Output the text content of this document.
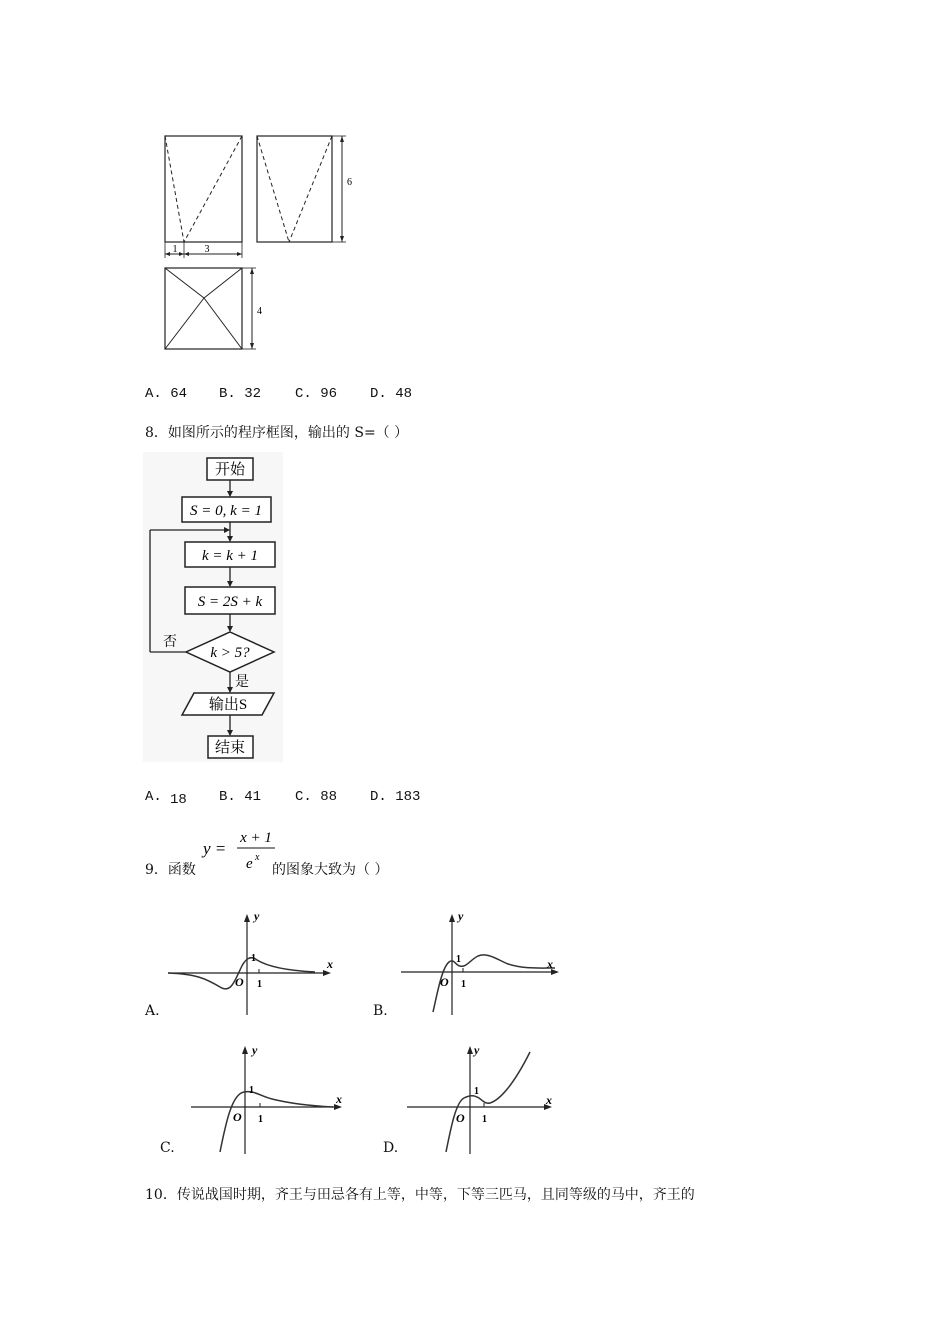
1	3
6
4
A. 64 B. 32 C. 96 D. 48
8．如图所示的程序框图，输出的 S=（ ）
开始
S = 0, k = 1
k = k + 1
S = 2S + k
k > 5?
否
是
输出S
结束
A. 18 B. 41 C. 88 D. 183
9．函数
y =
x + 1
e x
的图象大致为（ ）
x
y
O 1
1
A.
x
y
O 1
1
B.
x
y
O 1
1
C.
x
y
O 1
1
D.
10．传说战国时期，齐王与田忌各有上等，中等，下等三匹马，且同等级的马中，齐王的
